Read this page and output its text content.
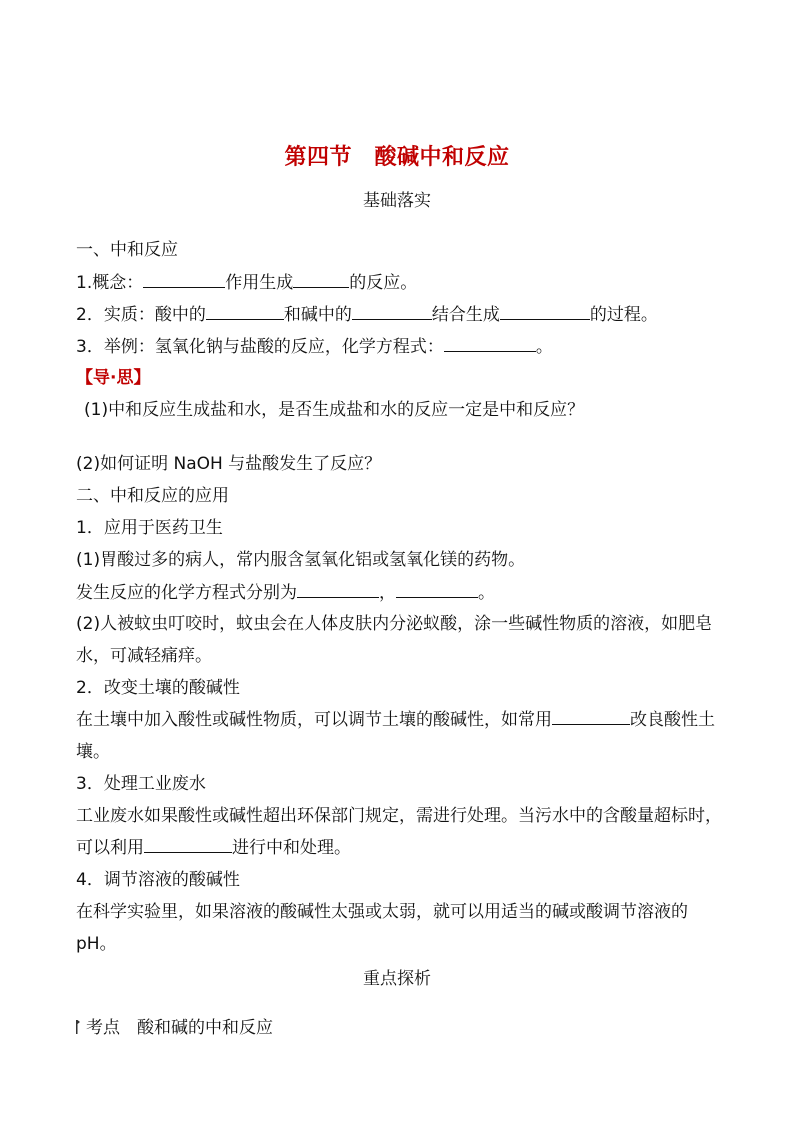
第四节　酸碱中和反应
基础落实
一、中和反应
1.概念：	作用生成	的反应。
2．实质：酸中的	和碱中的	结合生成	的过程。
3．举例：氢氧化钠与盐酸的反应，化学方程式：	。
【导·思】
(1)中和反应生成盐和水，是否生成盐和水的反应一定是中和反应？
(2)如何证明 NaOH 与盐酸发生了反应？
二、中和反应的应用
1．应用于医药卫生
(1)胃酸过多的病人，常内服含氢氧化铝或氢氧化镁的药物。
发生反应的化学方程式分别为	，	。
(2)人被蚊虫叮咬时，蚊虫会在人体皮肤内分泌蚁酸，涂一些碱性物质的溶液，如肥皂水，可减轻痛痒。
2．改变土壤的酸碱性
在土壤中加入酸性或碱性物质，可以调节土壤的酸碱性，如常用	改良酸性土壤。
3．处理工业废水
工业废水如果酸性或碱性超出环保部门规定，需进行处理。当污水中的含酸量超标时，可以利用	进行中和处理。
4．调节溶液的酸碱性
在科学实验里，如果溶液的酸碱性太强或太弱，就可以用适当的碱或酸调节溶液的 pH。
重点探析
考点　酸和碱的中和反应
